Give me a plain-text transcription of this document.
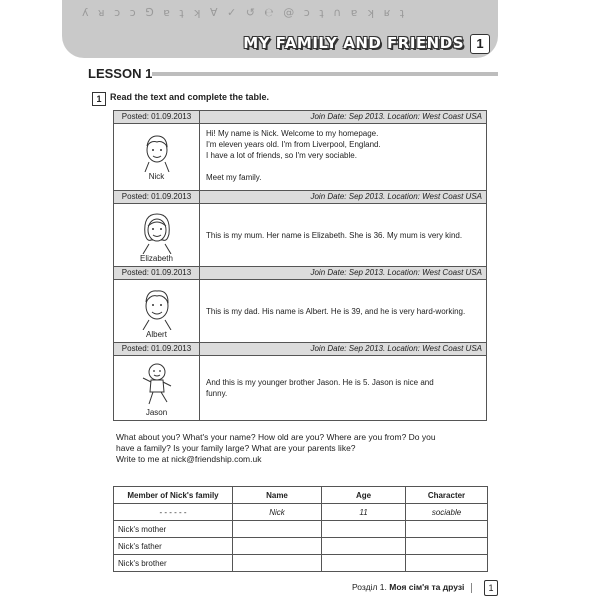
ʎ ᴚ ɔ ↄ ⅁ ɐ ʇ ʞ ∀ ✓ ↺ ℮ @ ↄ ʇ ∩ ɐ ʞ ʁ ʇ
MY FAMILY AND FRIENDS 1
LESSON 1
1 Read the text and complete the table.
Posted: 01.09.2013	Join Date: Sep 2013. Location: West Coast USA

Nick	Hi! My name is Nick. Welcome to my homepage.

I'm eleven years old. I'm from Liverpool, England.

I have a lot of friends, so I'm very sociable.

Meet my family.

Posted: 01.09.2013	Join Date: Sep 2013. Location: West Coast USA

Elizabeth	This is my mum. Her name is Elizabeth. She is 36. My mum is very kind.

Posted: 01.09.2013	Join Date: Sep 2013. Location: West Coast USA

Albert	This is my dad. His name is Albert. He is 39, and he is very hard-working.

Posted: 01.09.2013	Join Date: Sep 2013. Location: West Coast USA

Jason	And this is my younger brother Jason. He is 5. Jason is nice and

funny.

What about you? What's your name? How old are you? Where are you from? Do you

have a family? Is your family large? What are your parents like?

Write to me at nick@friendship.com.uk

Member of Nick's family	Name	Age	Character
- - - - - -	Nick	11	sociable
Nick's mother			
Nick's father			
Nick's brother			
Розділ 1. Моя сім'я та друзі	1
